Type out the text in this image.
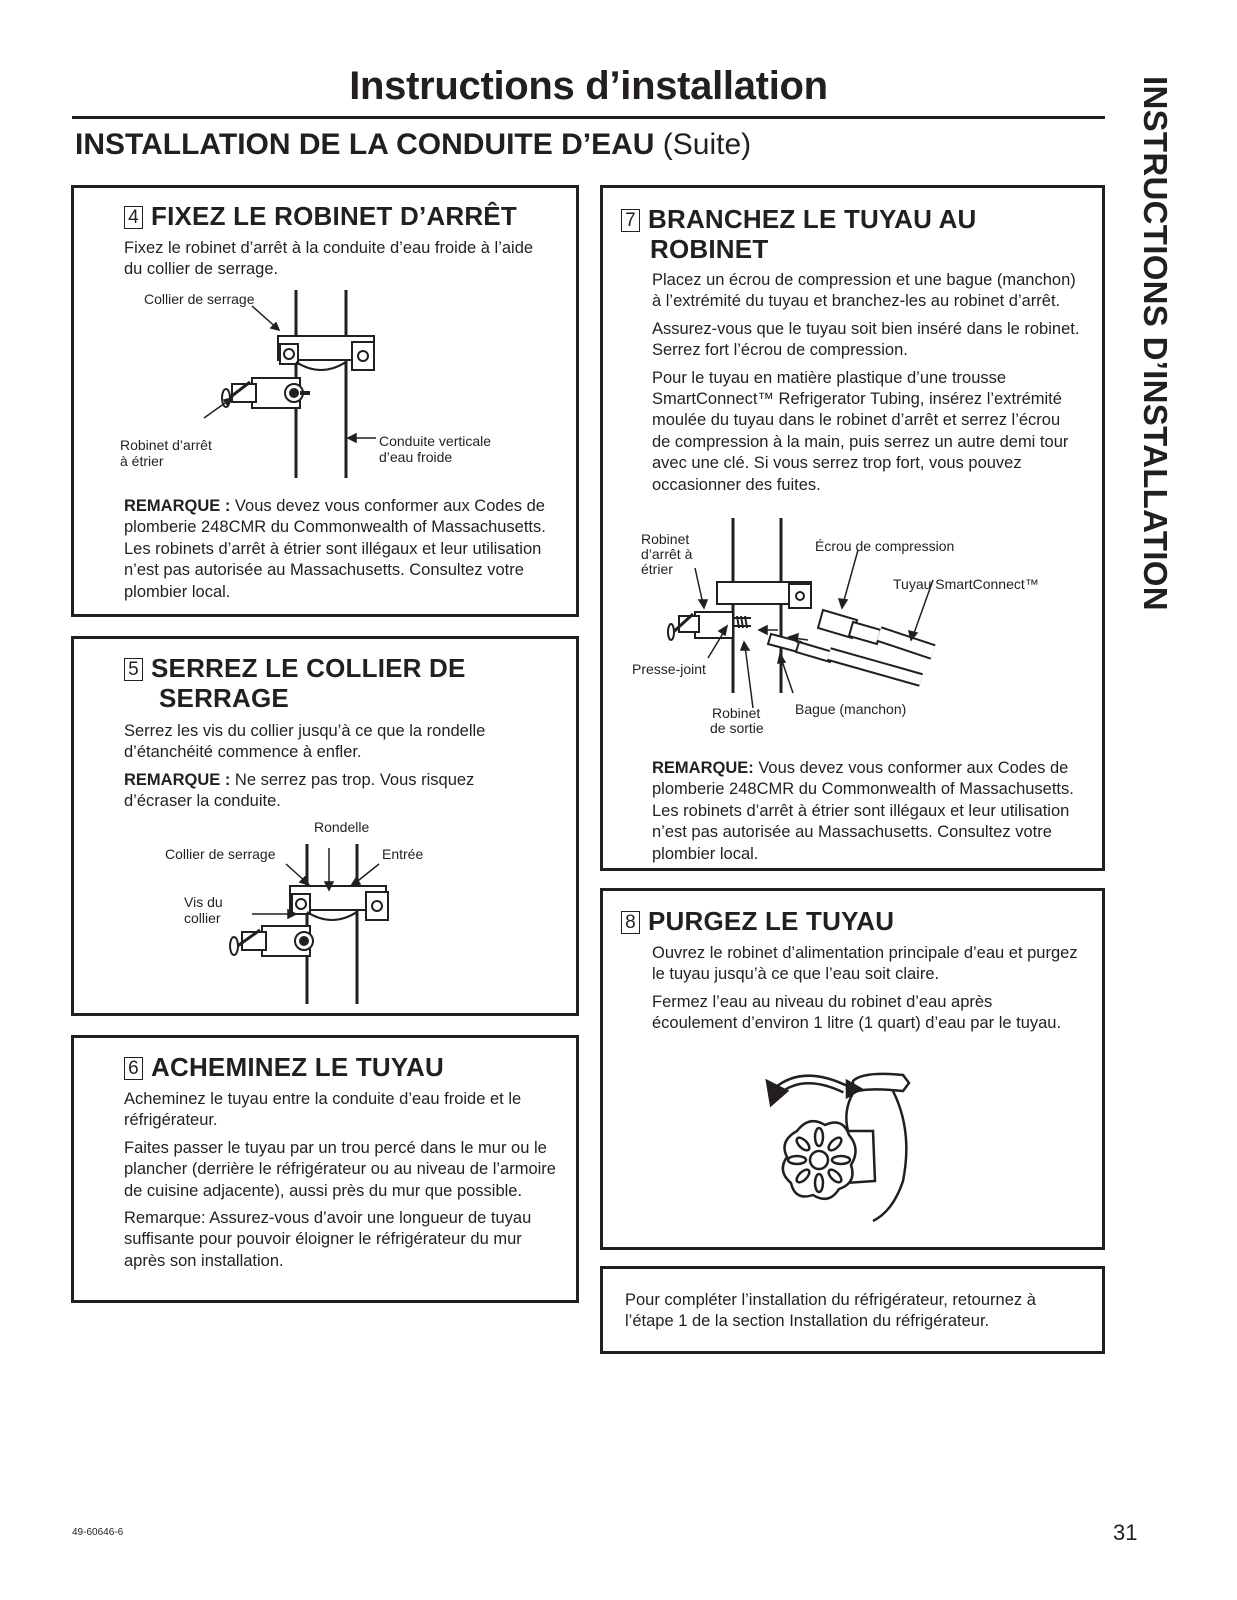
Instructions d’installation
INSTALLATION DE LA CONDUITE D’EAU (Suite)	INSTRUCTIONS D’INSTALLATION
4 FIXEZ LE ROBINET D’ARRÊT
Fixez le robinet d’arrêt à la conduite d’eau froide à l’aide du collier de serrage.
Collier de serrage
Robinet d’arrêt
à étrier
Conduite verticale
d’eau froide
REMARQUE : Vous devez vous conformer aux Codes de plomberie 248CMR du Commonwealth of Massachusetts. Les robinets d’arrêt à étrier sont illégaux et leur utilisation n’est pas autorisée au Massachusetts. Consultez votre plombier local.
5 SERREZ LE COLLIER DE
SERRAGE

Serrez les vis du collier jusqu’à ce que la rondelle d’étanchéité commence à enfler.

REMARQUE : Ne serrez pas trop. Vous risquez d’écraser la conduite.

Rondelle
Collier de serrage	Entrée
Vis du
collier
6 ACHEMINEZ LE TUYAU

Acheminez le tuyau entre la conduite d’eau froide et le réfrigérateur.

Faites passer le tuyau par un trou percé dans le mur ou le plancher (derrière le réfrigérateur ou au niveau de l’armoire de cuisine adjacente), aussi près du mur que possible.

Remarque: Assurez-vous d’avoir une longueur de tuyau suffisante pour pouvoir éloigner le réfrigérateur du mur après son installation.

7 BRANCHEZ LE TUYAU AU
ROBINET

Placez un écrou de compression et une bague (manchon) à l’extrémité du tuyau et branchez-les au robinet d’arrêt.

Assurez-vous que le tuyau soit bien inséré dans le robinet. Serrez fort l’écrou de compression.

Pour le tuyau en matière plastique d’une trousse SmartConnect™ Refrigerator Tubing, insérez l’extrémité moulée du tuyau dans le robinet d’arrêt et serrez l’écrou de compression à la main, puis serrez un autre demi tour avec une clé. Si vous serrez trop fort, vous pouvez occasionner des fuites.

Robinet
d’arrêt à
étrier
Écrou de compression
Tuyau SmartConnect™
Presse-joint
Robinet
de sortie
Bague (manchon)
REMARQUE: Vous devez vous conformer aux Codes de plomberie 248CMR du Commonwealth of Massachusetts. Les robinets d’arrêt à étrier sont illégaux et leur utilisation n’est pas autorisée au Massachusetts. Consultez votre plombier local.
8 PURGEZ LE TUYAU

Ouvrez le robinet d’alimentation principale d’eau et purgez le tuyau jusqu’à ce que l’eau soit claire.

Fermez l’eau au niveau du robinet d’eau après écoulement d’environ 1 litre (1 quart) d’eau par le tuyau.

Pour compléter l’installation du réfrigérateur, retournez à l’étape 1 de la section Installation du réfrigérateur.
49-60646-6	31
